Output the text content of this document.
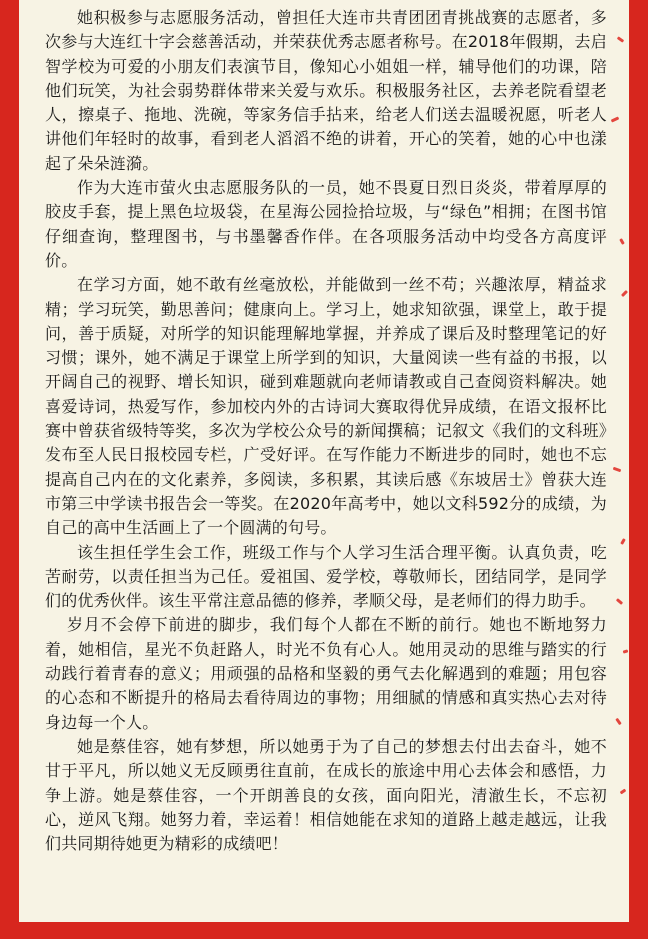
她积极参与志愿服务活动，曾担任大连市共青团团青挑战赛的志愿者，多次参与大连红十字会慈善活动，并荣获优秀志愿者称号。在2018年假期，去启智学校为可爱的小朋友们表演节目，像知心小姐姐一样，辅导他们的功课，陪他们玩笑，为社会弱势群体带来关爱与欢乐。积极服务社区，去养老院看望老人，擦桌子、拖地、洗碗，等家务信手拈来，给老人们送去温暖祝愿，听老人讲他们年轻时的故事，看到老人滔滔不绝的讲着，开心的笑着，她的心中也漾起了朵朵涟漪。

作为大连市萤火虫志愿服务队的一员，她不畏夏日烈日炎炎，带着厚厚的胶皮手套，提上黑色垃圾袋，在星海公园捡拾垃圾，与“绿色”相拥；在图书馆仔细查询，整理图书，与书墨馨香作伴。在各项服务活动中均受各方高度评价。

在学习方面，她不敢有丝毫放松，并能做到一丝不苟；兴趣浓厚，精益求精；学习玩笑，勤思善问；健康向上。学习上，她求知欲强，课堂上，敢于提问，善于质疑，对所学的知识能理解地掌握，并养成了课后及时整理笔记的好习惯；课外，她不满足于课堂上所学到的知识，大量阅读一些有益的书报，以开阔自己的视野、增长知识，碰到难题就向老师请教或自己查阅资料解决。她喜爱诗词，热爱写作，参加校内外的古诗词大赛取得优异成绩，在语文报杯比赛中曾获省级特等奖，多次为学校公众号的新闻撰稿；记叙文《我们的文科班》发布至人民日报校园专栏，广受好评。在写作能力不断进步的同时，她也不忘提高自己内在的文化素养，多阅读，多积累，其读后感《东坡居士》曾获大连市第三中学读书报告会一等奖。在2020年高考中，她以文科592分的成绩，为自己的高中生活画上了一个圆满的句号。

该生担任学生会工作，班级工作与个人学习生活合理平衡。认真负责，吃苦耐劳，以责任担当为己任。爱祖国、爱学校，尊敬师长，团结同学，是同学们的优秀伙伴。该生平常注意品德的修养，孝顺父母，是老师们的得力助手。

岁月不会停下前进的脚步，我们每个人都在不断的前行。她也不断地努力着，她相信，星光不负赶路人，时光不负有心人。她用灵动的思维与踏实的行动践行着青春的意义；用顽强的品格和坚毅的勇气去化解遇到的难题；用包容的心态和不断提升的格局去看待周边的事物；用细腻的情感和真实热心去对待身边每一个人。

她是蔡佳容，她有梦想，所以她勇于为了自己的梦想去付出去奋斗，她不甘于平凡，所以她义无反顾勇往直前，在成长的旅途中用心去体会和感悟，力争上游。她是蔡佳容，一个开朗善良的女孩，面向阳光，清澈生长，不忘初心，逆风飞翔。她努力着，幸运着！相信她能在求知的道路上越走越远，让我们共同期待她更为精彩的成绩吧！
